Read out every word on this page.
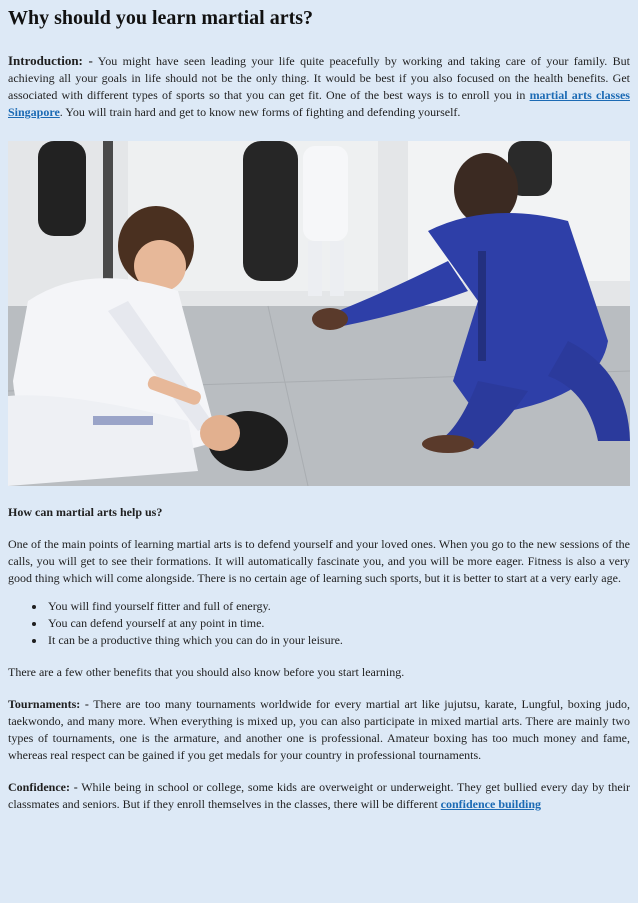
Why should you learn martial arts?

Introduction: - You might have seen leading your life quite peacefully by working and taking care of your family. But achieving all your goals in life should not be the only thing. It would be best if you also focused on the health benefits. Get associated with different types of sports so that you can get fit. One of the best ways is to enroll you in martial arts classes Singapore. You will train hard and get to know new forms of fighting and defending yourself.

How can martial arts help us?

One of the main points of learning martial arts is to defend yourself and your loved ones. When you go to the new sessions of the calls, you will get to see their formations. It will automatically fascinate you, and you will be more eager. Fitness is also a very good thing which will come alongside. There is no certain age of learning such sports, but it is better to start at a very early age.

• You will find yourself fitter and full of energy.
• You can defend yourself at any point in time.
• It can be a productive thing which you can do in your leisure.

There are a few other benefits that you should also know before you start learning.

Tournaments: - There are too many tournaments worldwide for every martial art like jujutsu, karate, Lungful, boxing judo, taekwondo, and many more. When everything is mixed up, you can also participate in mixed martial arts. There are mainly two types of tournaments, one is the armature, and another one is professional. Amateur boxing has too much money and fame, whereas real respect can be gained if you get medals for your country in professional tournaments.

Confidence: - While being in school or college, some kids are overweight or underweight. They get bullied every day by their classmates and seniors. But if they enroll themselves in the classes, there will be different confidence building
